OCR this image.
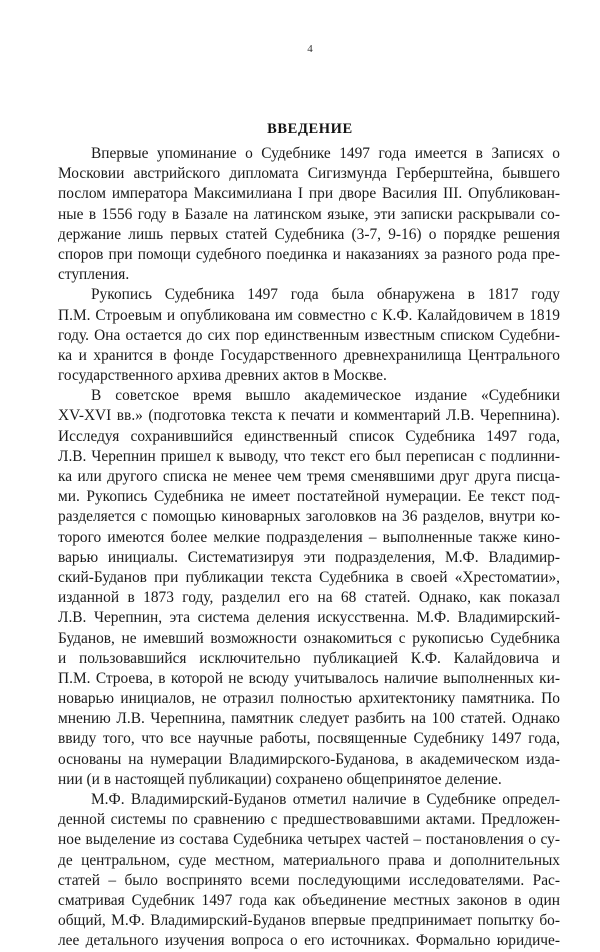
4
ВВЕДЕНИЕ
Впервые упоминание о Судебнике 1497 года имеется в Записях о
Московии австрийского дипломата Сигизмунда Герберштейна, бывшего
послом императора Максимилиана I при дворе Василия III. Опубликован-
ные в 1556 году в Базале на латинском языке, эти записки раскрывали со-
держание лишь первых статей Судебника (3-7, 9-16) о порядке решения
споров при помощи судебного поединка и наказаниях за разного рода пре-
ступления.
Рукопись Судебника 1497 года была обнаружена в 1817 году
П.М. Строевым и опубликована им совместно с К.Ф. Калайдовичем в 1819
году. Она остается до сих пор единственным известным списком Судебни-
ка и хранится в фонде Государственного древнехранилища Центрального
государственного архива древних актов в Москве.
В советское время вышло академическое издание «Судебники
XV-XVI вв.» (подготовка текста к печати и комментарий Л.В. Черепнина).
Исследуя сохранившийся единственный список Судебника 1497 года,
Л.В. Черепнин пришел к выводу, что текст его был переписан с подлинни-
ка или другого списка не менее чем тремя сменявшими друг друга писца-
ми. Рукопись Судебника не имеет постатейной нумерации. Ее текст под-
разделяется с помощью киноварных заголовков на 36 разделов, внутри ко-
торого имеются более мелкие подразделения – выполненные также кино-
варью инициалы. Систематизируя эти подразделения, М.Ф. Владимир-
ский-Буданов при публикации текста Судебника в своей «Хрестоматии»,
изданной в 1873 году, разделил его на 68 статей. Однако, как показал
Л.В. Черепнин, эта система деления искусственна. М.Ф. Владимирский-
Буданов, не имевший возможности ознакомиться с рукописью Судебника
и пользовавшийся исключительно публикацией К.Ф. Калайдовича и
П.М. Строева, в которой не всюду учитывалось наличие выполненных ки-
новарью инициалов, не отразил полностью архитектонику памятника. По
мнению Л.В. Черепнина, памятник следует разбить на 100 статей. Однако
ввиду того, что все научные работы, посвященные Судебнику 1497 года,
основаны на нумерации Владимирского-Буданова, в академическом изда-
нии (и в настоящей публикации) сохранено общепринятое деление.
М.Ф. Владимирский-Буданов отметил наличие в Судебнике определ-
денной системы по сравнению с предшествовавшими актами. Предложен-
ное выделение из состава Судебника четырех частей – постановления о су-
де центральном, суде местном, материального права и дополнительных
статей – было воспринято всеми последующими исследователями. Рас-
сматривая Судебник 1497 года как объединение местных законов в один
общий, М.Ф. Владимирский-Буданов впервые предпринимает попытку бо-
лее детального изучения вопроса о его источниках. Формально юридиче-
